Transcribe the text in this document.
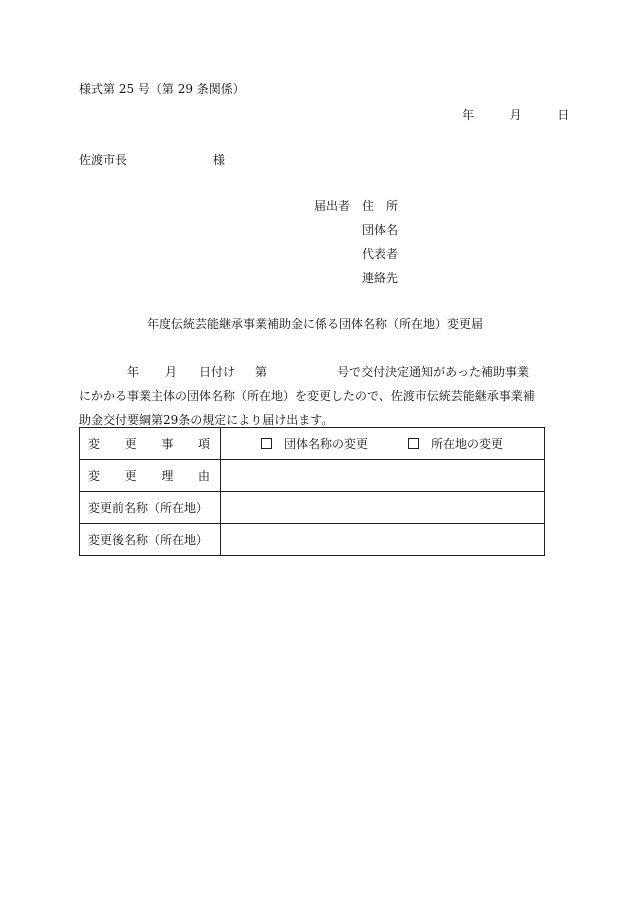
様式第 25 号（第 29 条関係）
年	月	日
佐渡市長	様
届出者 住　所
団体名
代表者
連絡先
年度伝統芸能継承事業補助金に係る団体名称（所在地）変更届
年 月 日付け 第	号で交付決定通知があった補助事業
にかかる事業主体の団体名称（所在地）を変更したので、佐渡市伝統芸能継承事業補
助金交付要綱第29条の規定により届け出ます。
変 更 事 項	団体名称の変更 所在地の変更

変 更 理 由	

変更前名称（所在地）	
変更後名称（所在地）	
